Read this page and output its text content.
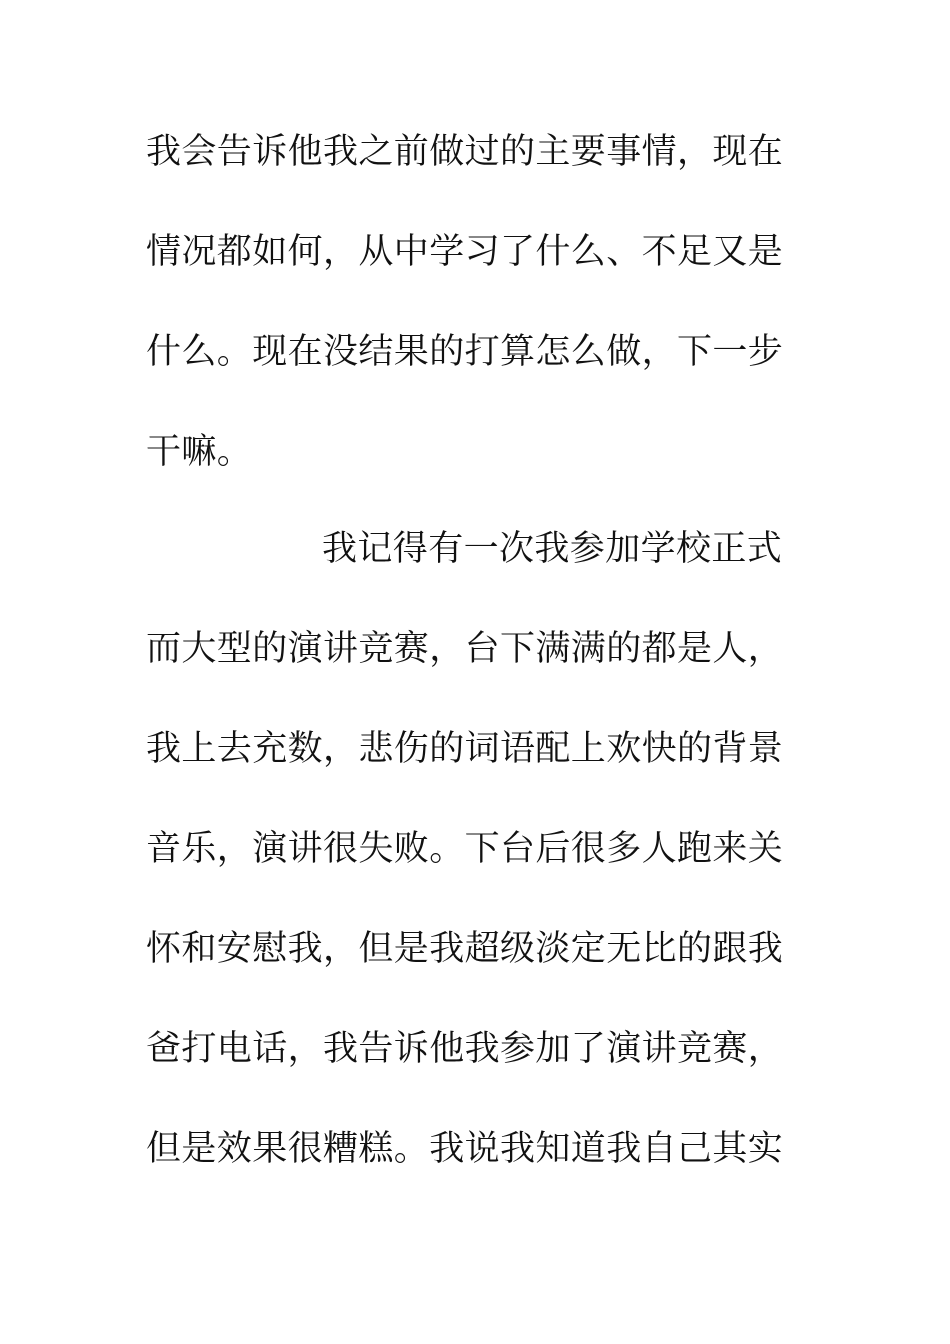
我会告诉他我之前做过的主要事情，现在
情况都如何，从中学习了什么、不足又是
什么。现在没结果的打算怎么做，下一步
干嘛。
我记得有一次我参加学校正式
而大型的演讲竞赛，台下满满的都是人，
我上去充数，悲伤的词语配上欢快的背景
音乐，演讲很失败。下台后很多人跑来关
怀和安慰我，但是我超级淡定无比的跟我
爸打电话，我告诉他我参加了演讲竞赛，
但是效果很糟糕。我说我知道我自己其实
